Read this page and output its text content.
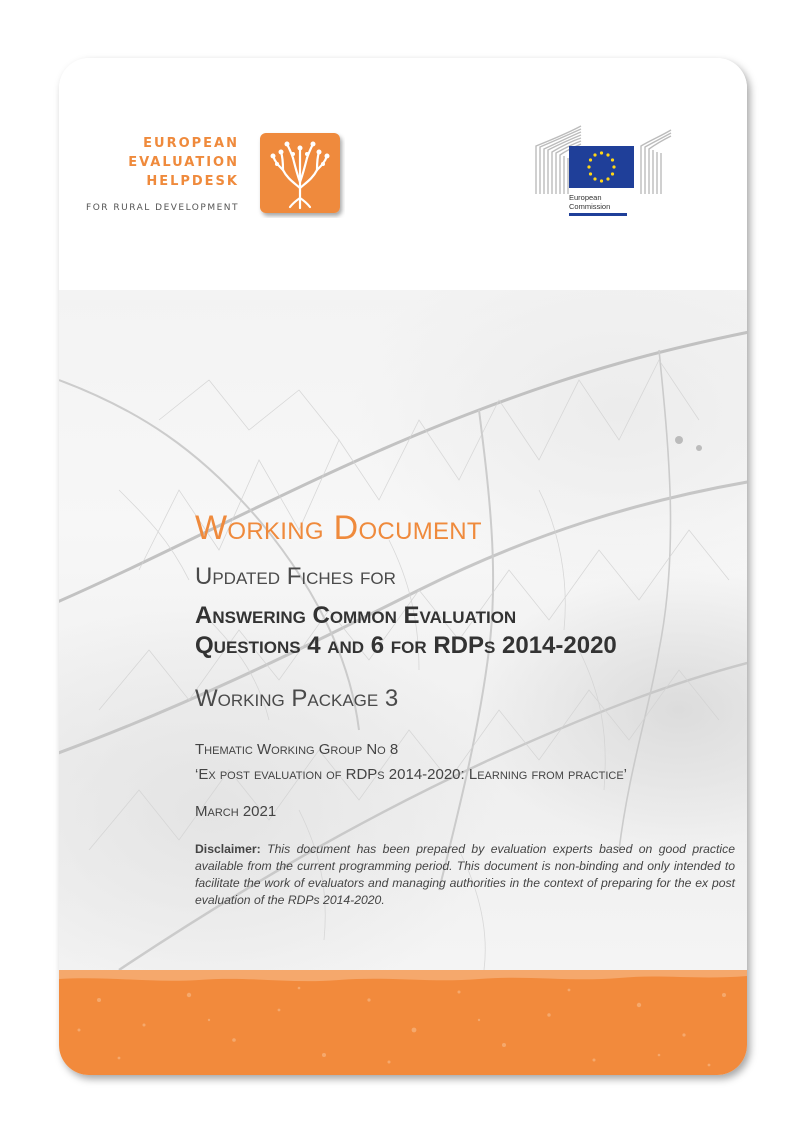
EUROPEAN
EVALUATION
HELPDESK
FOR RURAL DEVELOPMENT
European
Commission
Working Document
Updated Fiches for
Answering Common Evaluation
Questions 4 and 6 for RDPs 2014-2020
Working Package 3
Thematic Working Group No 8
‘Ex post evaluation of RDPs 2014-2020: Learning from practice’
March 2021
Disclaimer: This document has been prepared by evaluation experts based on good practice available from the current programming period. This document is non-binding and only intended to facilitate the work of evaluators and managing authorities in the context of preparing for the ex post evaluation of the RDPs 2014-2020.
